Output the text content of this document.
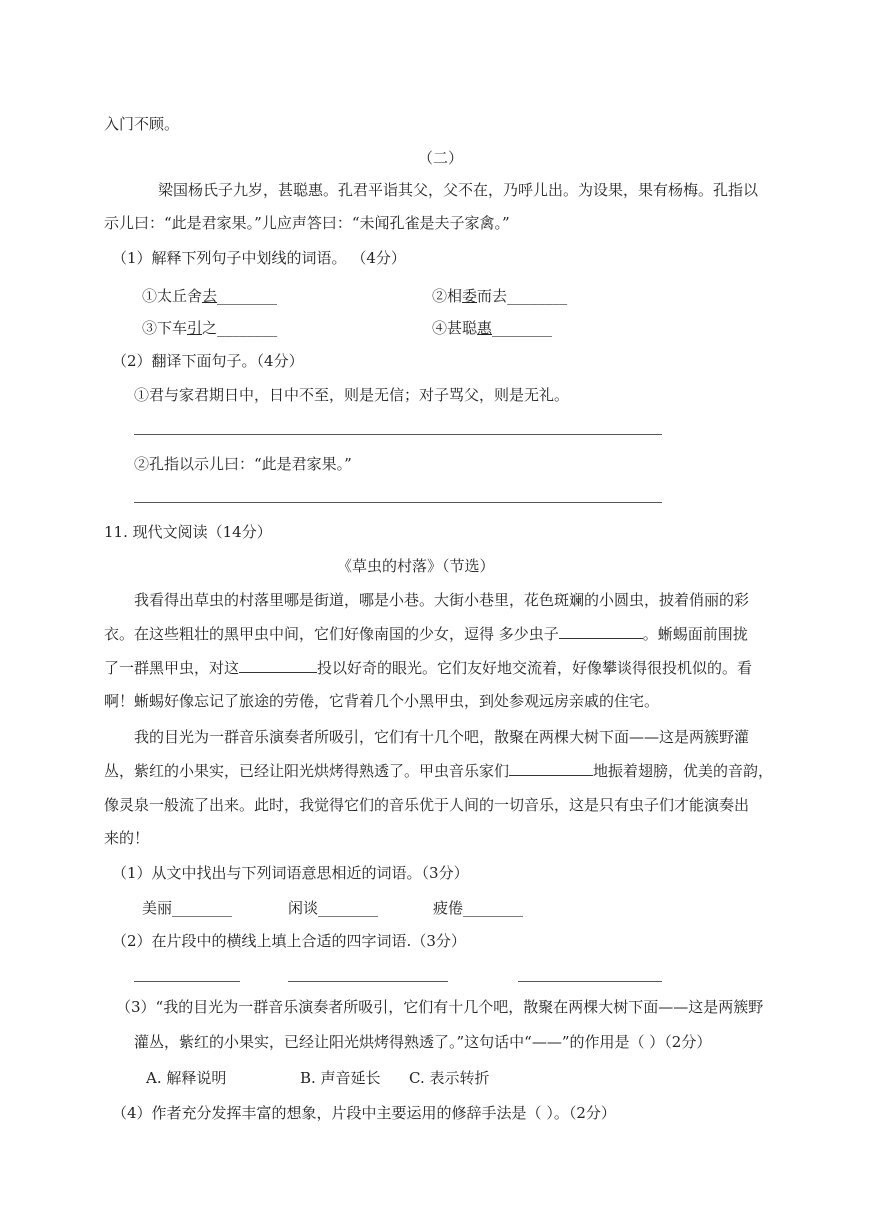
入门不顾。
（二）
梁国杨氏子九岁，甚聪惠。孔君平诣其父，父不在，乃呼儿出。为设果，果有杨梅。孔指以
示儿曰：“此是君家果。”儿应声答曰：“未闻孔雀是夫子家禽。”
（1）解释下列句子中划线的词语。 （4分）
①太丘舍去________	②相委而去________
③下车引之________	④甚聪惠________
（2）翻译下面句子。（4分）
①君与家君期日中，日中不至，则是无信；对子骂父，则是无礼。
②孔指以示儿曰：“此是君家果。”
11. 现代文阅读（14分）
《草虫的村落》（节选）
我看得出草虫的村落里哪是街道，哪是小巷。大街小巷里，花色斑斓的小圆虫，披着俏丽的彩
衣。在这些粗壮的黑甲虫中间，它们好像南国的少女，逗得 多少虫子	。蜥蜴面前围拢
了一群黑甲虫，对这	投以好奇的眼光。它们友好地交流着，好像攀谈得很投机似的。看
啊！蜥蜴好像忘记了旅途的劳倦，它背着几个小黑甲虫，到处参观远房亲戚的住宅。
我的目光为一群音乐演奏者所吸引，它们有十几个吧，散聚在两棵大树下面——这是两簇野灌
丛，紫红的小果实，已经让阳光烘烤得熟透了。甲虫音乐家们	地振着翅膀，优美的音韵，
像灵泉一般流了出来。此时，我觉得它们的音乐优于人间的一切音乐，这是只有虫子们才能演奏出
来的！
（1）从文中找出与下列词语意思相近的词语。（3分）
美丽________	闲谈________	疲倦________
（2）在片段中的横线上填上合适的四字词语.（3分）
（3）“我的目光为一群音乐演奏者所吸引，它们有十几个吧，散聚在两棵大树下面——这是两簇野
灌丛，紫红的小果实，已经让阳光烘烤得熟透了。”这句话中“——”的作用是（ ）（2分）
A. 解释说明	B. 声音延长 C. 表示转折
（4）作者充分发挥丰富的想象，片段中主要运用的修辞手法是（ ）。（2分）
